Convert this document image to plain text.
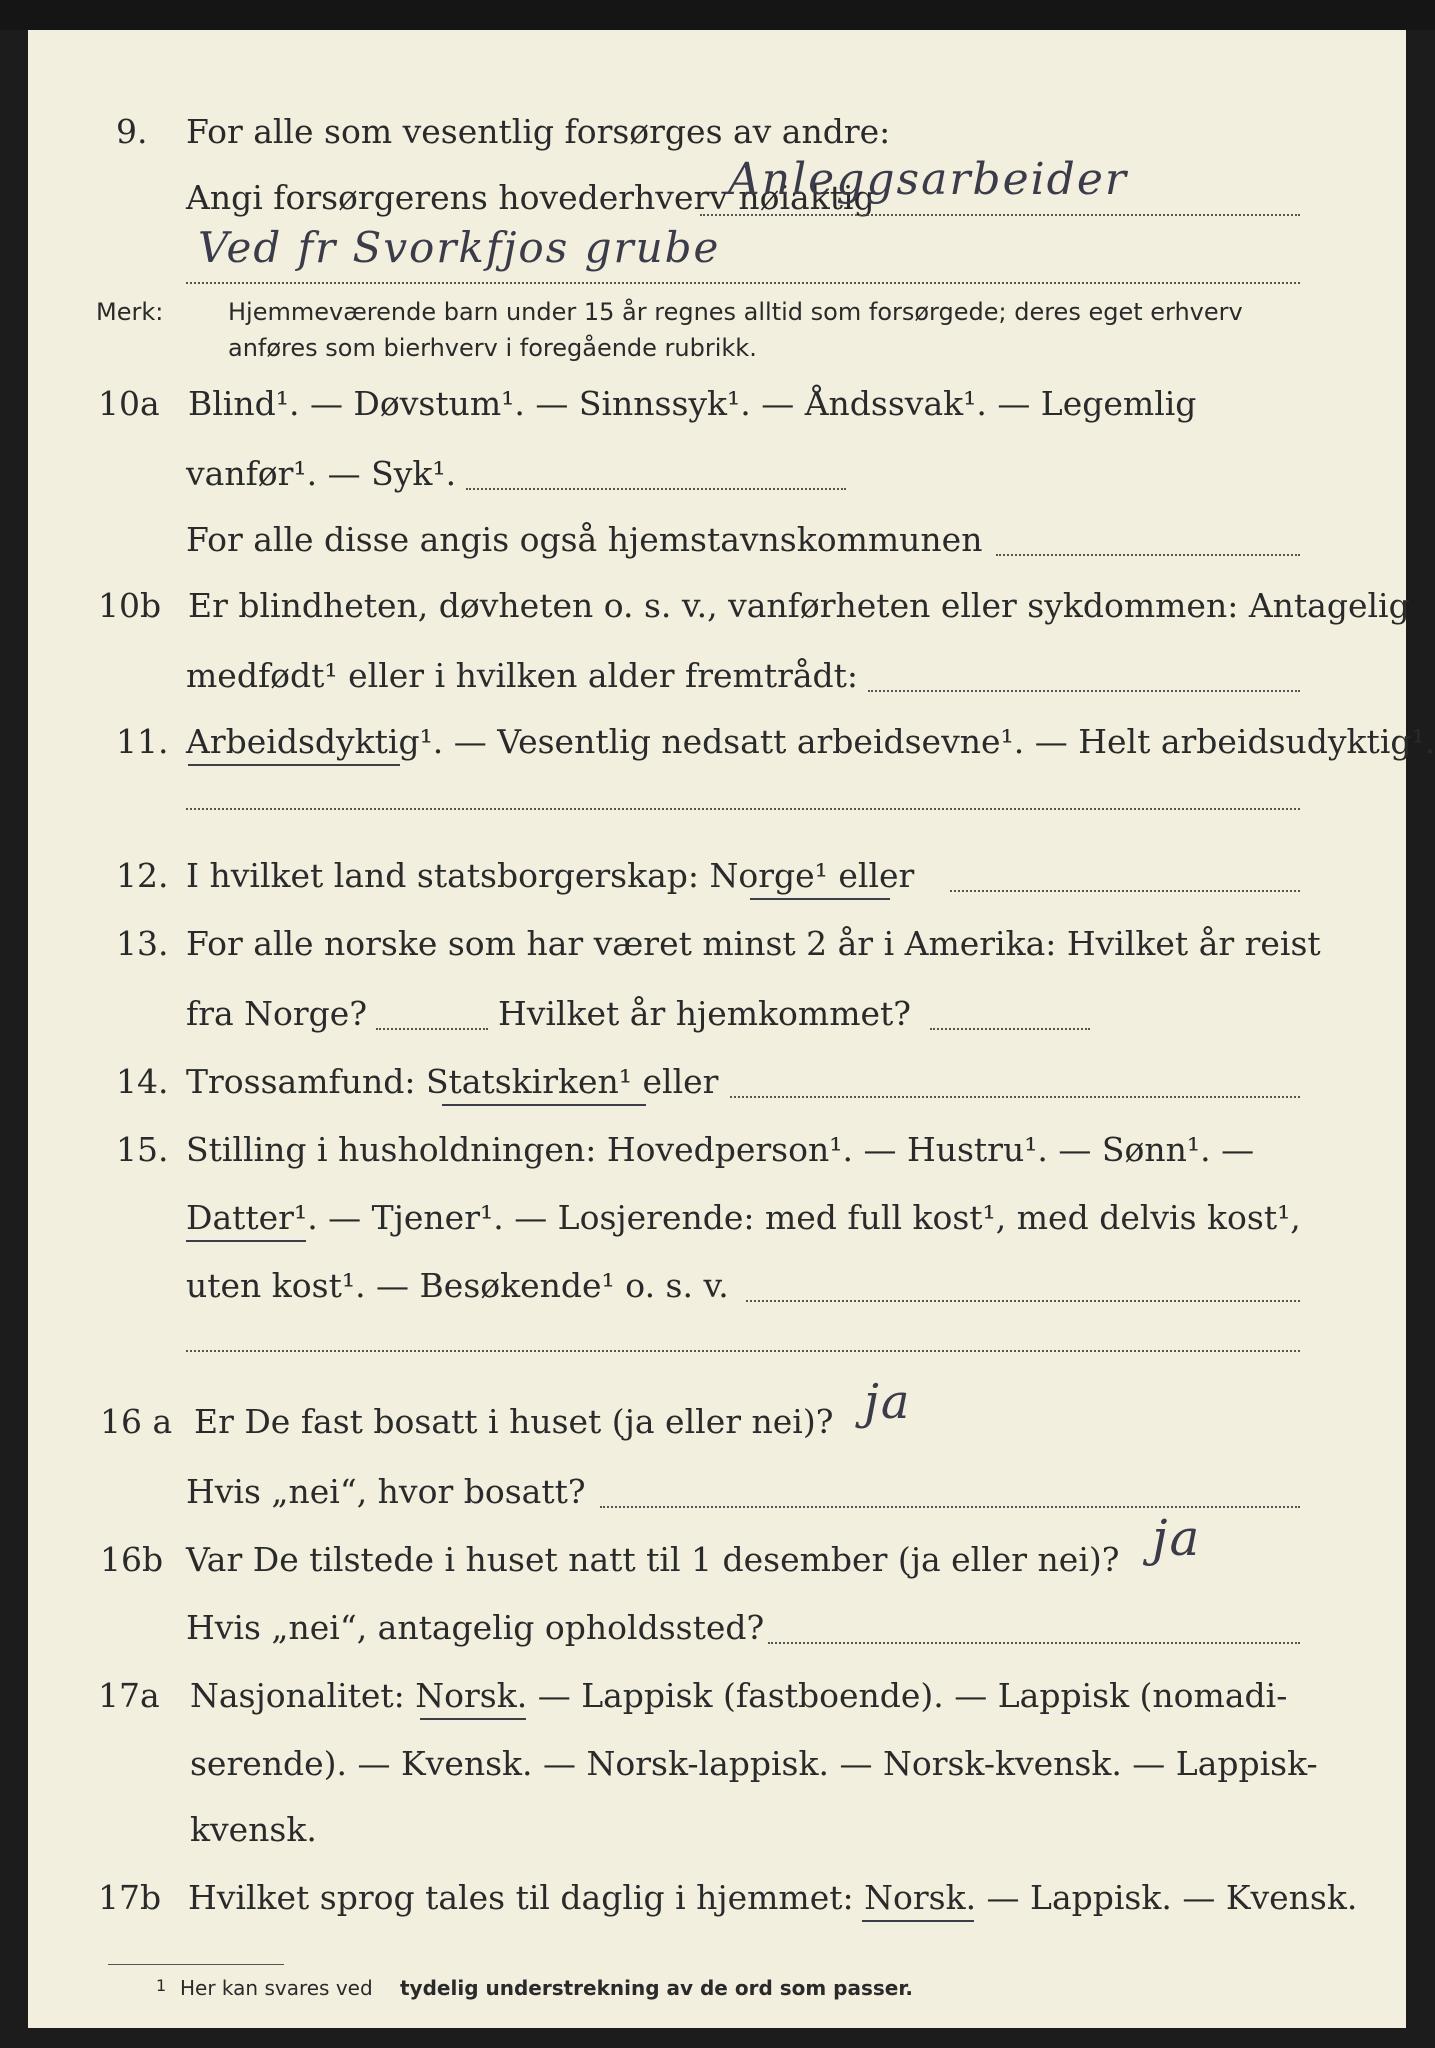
9. For alle som vesentlig forsørges av andre:
Angi forsørgerens hovederhverv nøiaktig
Anleggsarbeider
Ved fr Svorkfjos grube
Merk:	Hjemmeværende barn under 15 år regnes alltid som forsørgede; deres eget erhverv
anføres som bierhverv i foregående rubrikk.
10a Blind¹. — Døvstum¹. — Sinnssyk¹. — Åndssvak¹. — Legemlig
vanfør¹. — Syk¹.
For alle disse angis også hjemstavnskommunen
10b Er blindheten, døvheten o. s. v., vanførheten eller sykdommen: Antagelig
medfødt¹ eller i hvilken alder fremtrådt:
11. Arbeidsdyktig¹. — Vesentlig nedsatt arbeidsevne¹. — Helt arbeidsudyktig¹.
12. I hvilket land statsborgerskap: Norge¹ eller
13. For alle norske som har været minst 2 år i Amerika: Hvilket år reist
fra Norge?	Hvilket år hjemkommet?
14. Trossamfund: Statskirken¹ eller
15. Stilling i husholdningen: Hovedperson¹. — Hustru¹. — Sønn¹. —
Datter¹. — Tjener¹. — Losjerende: med full kost¹, med delvis kost¹,
uten kost¹. — Besøkende¹ o. s. v.
16 a Er De fast bosatt i huset (ja eller nei)? ja
Hvis „nei“, hvor bosatt?
16b Var De tilstede i huset natt til 1 desember (ja eller nei)? ja
Hvis „nei“, antagelig opholdssted?
17a Nasjonalitet: Norsk. — Lappisk (fastboende). — Lappisk (nomadi-
serende). — Kvensk. — Norsk-lappisk. — Norsk-kvensk. — Lappisk-
kvensk.
17b Hvilket sprog tales til daglig i hjemmet: Norsk. — Lappisk. — Kvensk.
1 Her kan svares ved tydelig understrekning av de ord som passer.
